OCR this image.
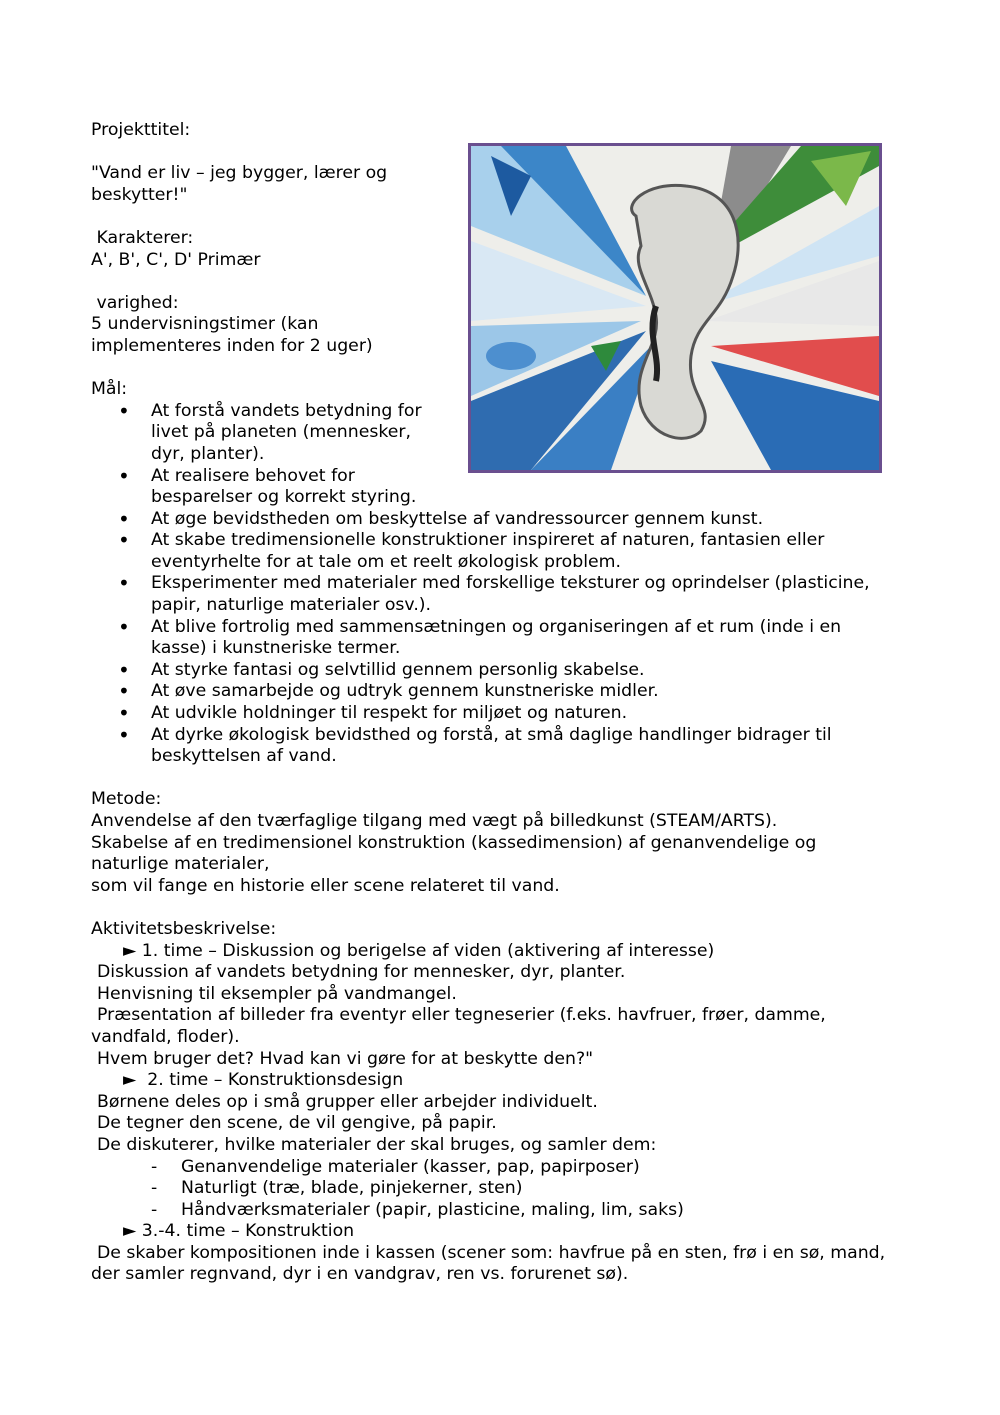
Projekttitel:

"Vand er liv – jeg bygger, lærer og beskytter!"

Karakterer:

A', B', C', D' Primær

varighed:

5 undervisningstimer (kan implementeres inden for 2 uger)

Mål:

• At forstå vandets betydning for livet på planeten (mennesker, dyr, planter).
• At realisere behovet for besparelser og korrekt styring.
• At øge bevidstheden om beskyttelse af vandressourcer gennem kunst.
• At skabe tredimensionelle konstruktioner inspireret af naturen, fantasien eller eventyrhelte for at tale om et reelt økologisk problem.
• Eksperimenter med materialer med forskellige teksturer og oprindelser (plasticine, papir, naturlige materialer osv.).
• At blive fortrolig med sammensætningen og organiseringen af et rum (inde i en kasse) i kunstneriske termer.
• At styrke fantasi og selvtillid gennem personlig skabelse.
• At øve samarbejde og udtryk gennem kunstneriske midler.
• At udvikle holdninger til respekt for miljøet og naturen.
• At dyrke økologisk bevidsthed og forstå, at små daglige handlinger bidrager til beskyttelsen af vand.

Metode:

Anvendelse af den tværfaglige tilgang med vægt på billedkunst (STEAM/ARTS).

Skabelse af en tredimensionel konstruktion (kassedimension) af genanvendelige og naturlige materialer,

som vil fange en historie eller scene relateret til vand.

Aktivitetsbeskrivelse:

► 1. time – Diskussion og berigelse af viden (aktivering af interesse)

Diskussion af vandets betydning for mennesker, dyr, planter.

Henvisning til eksempler på vandmangel.

Præsentation af billeder fra eventyr eller tegneserier (f.eks. havfruer, frøer, damme, vandfald, floder).

Hvem bruger det? Hvad kan vi gøre for at beskytte den?"

►  2. time – Konstruktionsdesign

Børnene deles op i små grupper eller arbejder individuelt.

De tegner den scene, de vil gengive, på papir.

De diskuterer, hvilke materialer der skal bruges, og samler dem:

- Genanvendelige materialer (kasser, pap, papirposer)
- Naturligt (træ, blade, pinjekerner, sten)
- Håndværksmaterialer (papir, plasticine, maling, lim, saks)

► 3.-4. time – Konstruktion

De skaber kompositionen inde i kassen (scener som: havfrue på en sten, frø i en sø, mand, der samler regnvand, dyr i en vandgrav, ren vs. forurenet sø).
